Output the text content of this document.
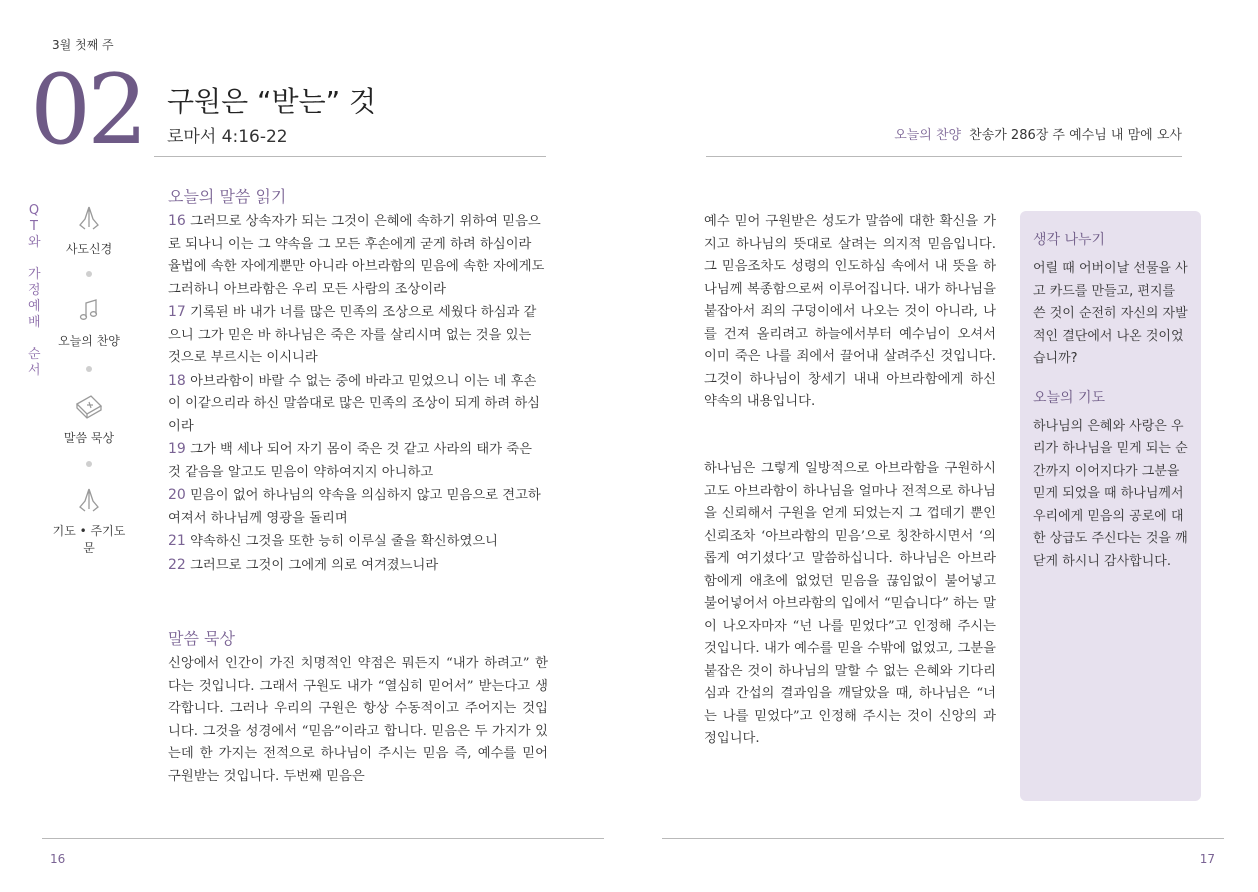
3월 첫째 주
02 구원은 “받는” 것
로마서 4:16-22	오늘의 찬양 찬송가 286장 주 예수님 내 맘에 오사
Q
T
와
가
정
예
배
순
서
사도신경
오늘의 찬양
말씀 묵상
기도 • 주기도문
오늘의 말씀 읽기

16 그러므로 상속자가 되는 그것이 은혜에 속하기 위하여 믿음으로 되나니 이는 그 약속을 그 모든 후손에게 굳게 하려 하심이라 율법에 속한 자에게뿐만 아니라 아브라함의 믿음에 속한 자에게도 그러하니 아브라함은 우리 모든 사람의 조상이라

17 기록된 바 내가 너를 많은 민족의 조상으로 세웠다 하심과 같으니 그가 믿은 바 하나님은 죽은 자를 살리시며 없는 것을 있는 것으로 부르시는 이시니라

18 아브라함이 바랄 수 없는 중에 바라고 믿었으니 이는 네 후손이 이같으리라 하신 말씀대로 많은 민족의 조상이 되게 하려 하심이라

19 그가 백 세나 되어 자기 몸이 죽은 것 같고 사라의 태가 죽은 것 같음을 알고도 믿음이 약하여지지 아니하고

20 믿음이 없어 하나님의 약속을 의심하지 않고 믿음으로 견고하여져서 하나님께 영광을 돌리며

21 약속하신 그것을 또한 능히 이루실 줄을 확신하였으니

22 그러므로 그것이 그에게 의로 여겨졌느니라

말씀 묵상

신앙에서 인간이 가진 치명적인 약점은 뭐든지 “내가 하려고” 한다는 것입니다. 그래서 구원도 내가 “열심히 믿어서” 받는다고 생각합니다. 그러나 우리의 구원은 항상 수동적이고 주어지는 것입니다. 그것을 성경에서 “믿음”이라고 합니다. 믿음은 두 가지가 있는데 한 가지는 전적으로 하나님이 주시는 믿음 즉, 예수를 믿어 구원받는 것입니다. 두번째 믿음은

예수 믿어 구원받은 성도가 말씀에 대한 확신을 가지고 하나님의 뜻대로 살려는 의지적 믿음입니다. 그 믿음조차도 성령의 인도하심 속에서 내 뜻을 하나님께 복종함으로써 이루어집니다. 내가 하나님을 붙잡아서 죄의 구덩이에서 나오는 것이 아니라, 나를 건져 올리려고 하늘에서부터 예수님이 오셔서 이미 죽은 나를 죄에서 끌어내 살려주신 것입니다. 그것이 하나님이 창세기 내내 아브라함에게 하신 약속의 내용입니다.

하나님은 그렇게 일방적으로 아브라함을 구원하시고도 아브라함이 하나님을 얼마나 전적으로 하나님을 신뢰해서 구원을 얻게 되었는지 그 껍데기 뿐인 신뢰조차 ‘아브라함의 믿음’으로 칭찬하시면서 ‘의롭게 여기셨다’고 말씀하십니다. 하나님은 아브라함에게 애초에 없었던 믿음을 끊임없이 불어넣고 불어넣어서 아브라함의 입에서 “믿습니다” 하는 말이 나오자마자 “넌 나를 믿었다”고 인정해 주시는 것입니다. 내가 예수를 믿을 수밖에 없었고, 그분을 붙잡은 것이 하나님의 말할 수 없는 은혜와 기다리심과 간섭의 결과임을 깨달았을 때, 하나님은 “너는 나를 믿었다”고 인정해 주시는 것이 신앙의 과정입니다.

생각 나누기
어릴 때 어버이날 선물을 사고 카드를 만들고, 편지를 쓴 것이 순전히 자신의 자발적인 결단에서 나온 것이었습니까?
오늘의 기도
하나님의 은혜와 사랑은 우리가 하나님을 믿게 되는 순간까지 이어지다가 그분을 믿게 되었을 때 하나님께서 우리에게 믿음의 공로에 대한 상급도 주신다는 것을 깨닫게 하시니 감사합니다.
16	17
